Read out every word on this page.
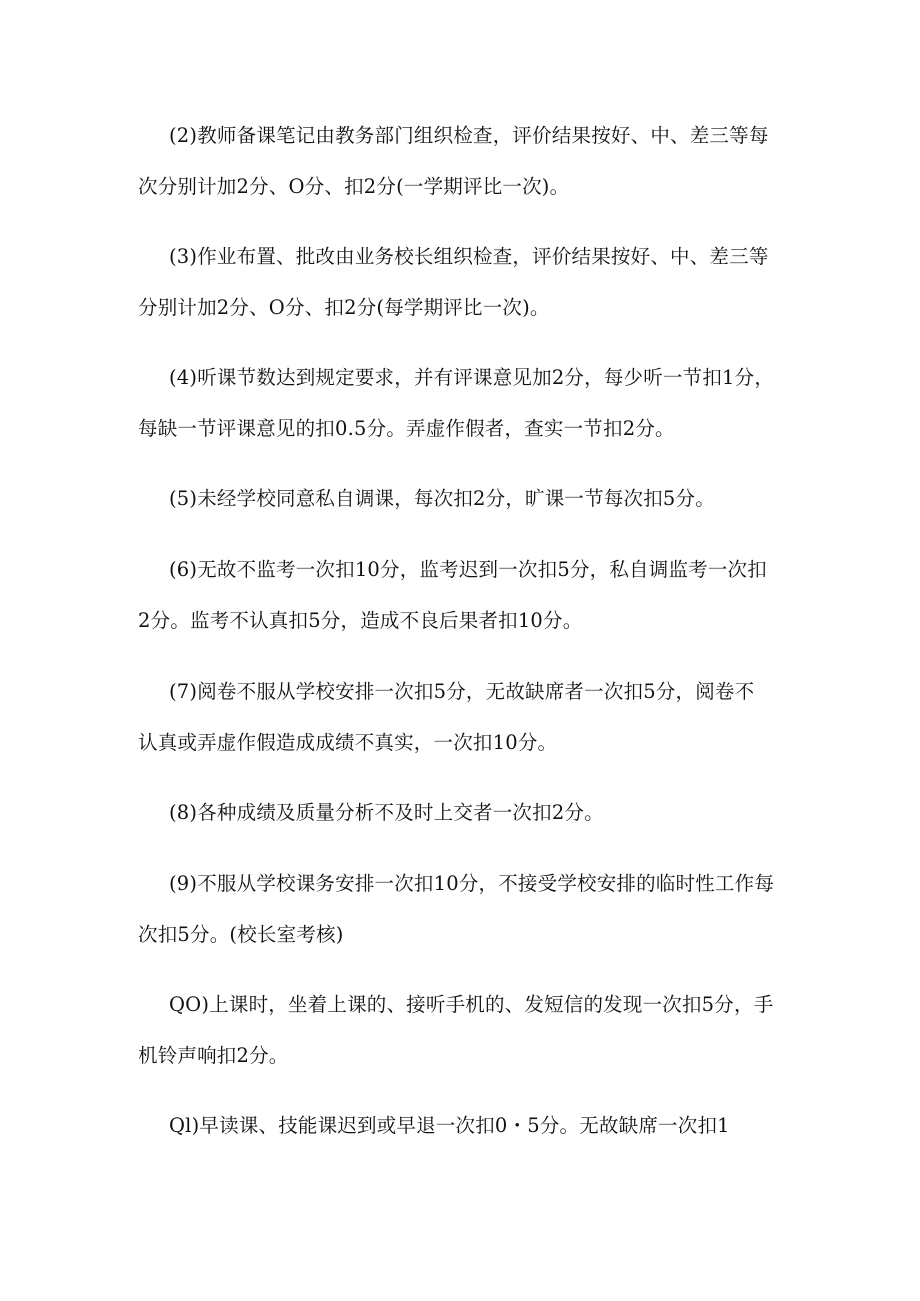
(2)教师备课笔记由教务部门组织检查，评价结果按好、中、差三等每
次分别计加2分、O分、扣2分(一学期评比一次)。

(3)作业布置、批改由业务校长组织检查，评价结果按好、中、差三等
分别计加2分、O分、扣2分(每学期评比一次)。

(4)听课节数达到规定要求，并有评课意见加2分，每少听一节扣1分，
每缺一节评课意见的扣0.5分。弄虚作假者，查实一节扣2分。

(5)未经学校同意私自调课，每次扣2分，旷课一节每次扣5分。

(6)无故不监考一次扣10分，监考迟到一次扣5分，私自调监考一次扣
2分。监考不认真扣5分，造成不良后果者扣10分。

(7)阅卷不服从学校安排一次扣5分，无故缺席者一次扣5分，阅卷不
认真或弄虚作假造成成绩不真实，一次扣10分。

(8)各种成绩及质量分析不及时上交者一次扣2分。

(9)不服从学校课务安排一次扣10分，不接受学校安排的临时性工作每
次扣5分。(校长室考核)

QO)上课时，坐着上课的、接听手机的、发短信的发现一次扣5分，手
机铃声响扣2分。

Ql)早读课、技能课迟到或早退一次扣0・5分。无故缺席一次扣1
